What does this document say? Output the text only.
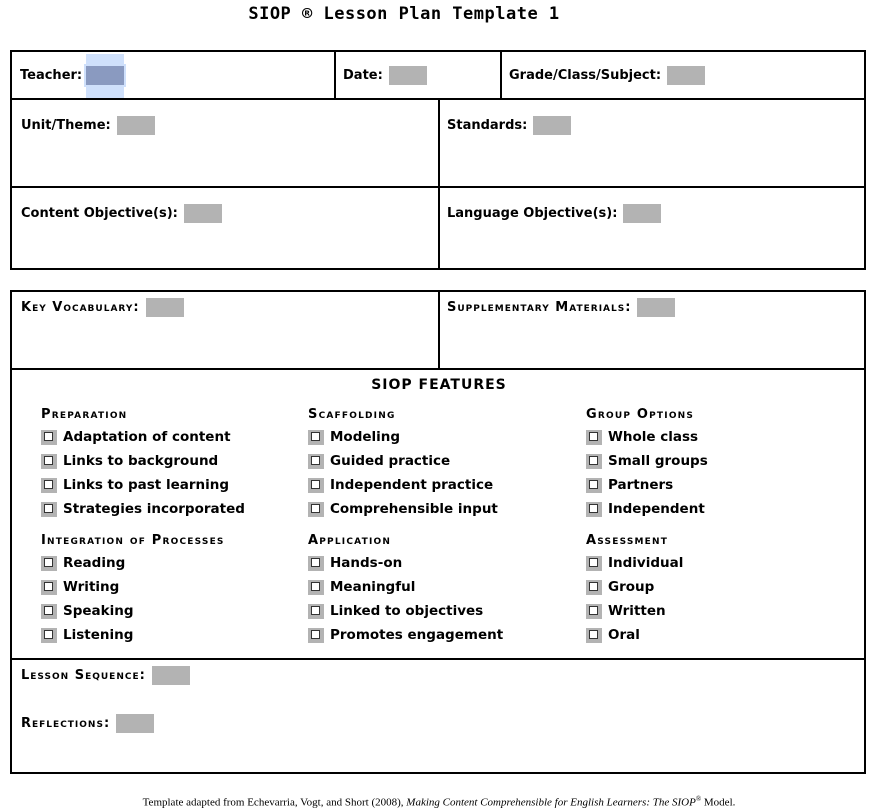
SIOP ® Lesson Plan Template 1
Teacher:	Date:	Grade/Class/Subject:
Unit/Theme:	Standards:
Content Objective(s):	Language Objective(s):
Key Vocabulary:	Supplementary Materials:
SIOP FEATURES
Preparation
Adaptation of content
Links to background
Links to past learning
Strategies incorporated
Scaffolding
Modeling
Guided practice
Independent practice
Comprehensible input
Group Options
Whole class
Small groups
Partners
Independent
Integration of Processes
Reading
Writing
Speaking
Listening
Application
Hands-on
Meaningful
Linked to objectives
Promotes engagement
Assessment
Individual
Group
Written
Oral
Lesson Sequence:
Reflections:
Template adapted from Echevarria, Vogt, and Short (2008), Making Content Comprehensible for English Learners: The SIOP® Model.
